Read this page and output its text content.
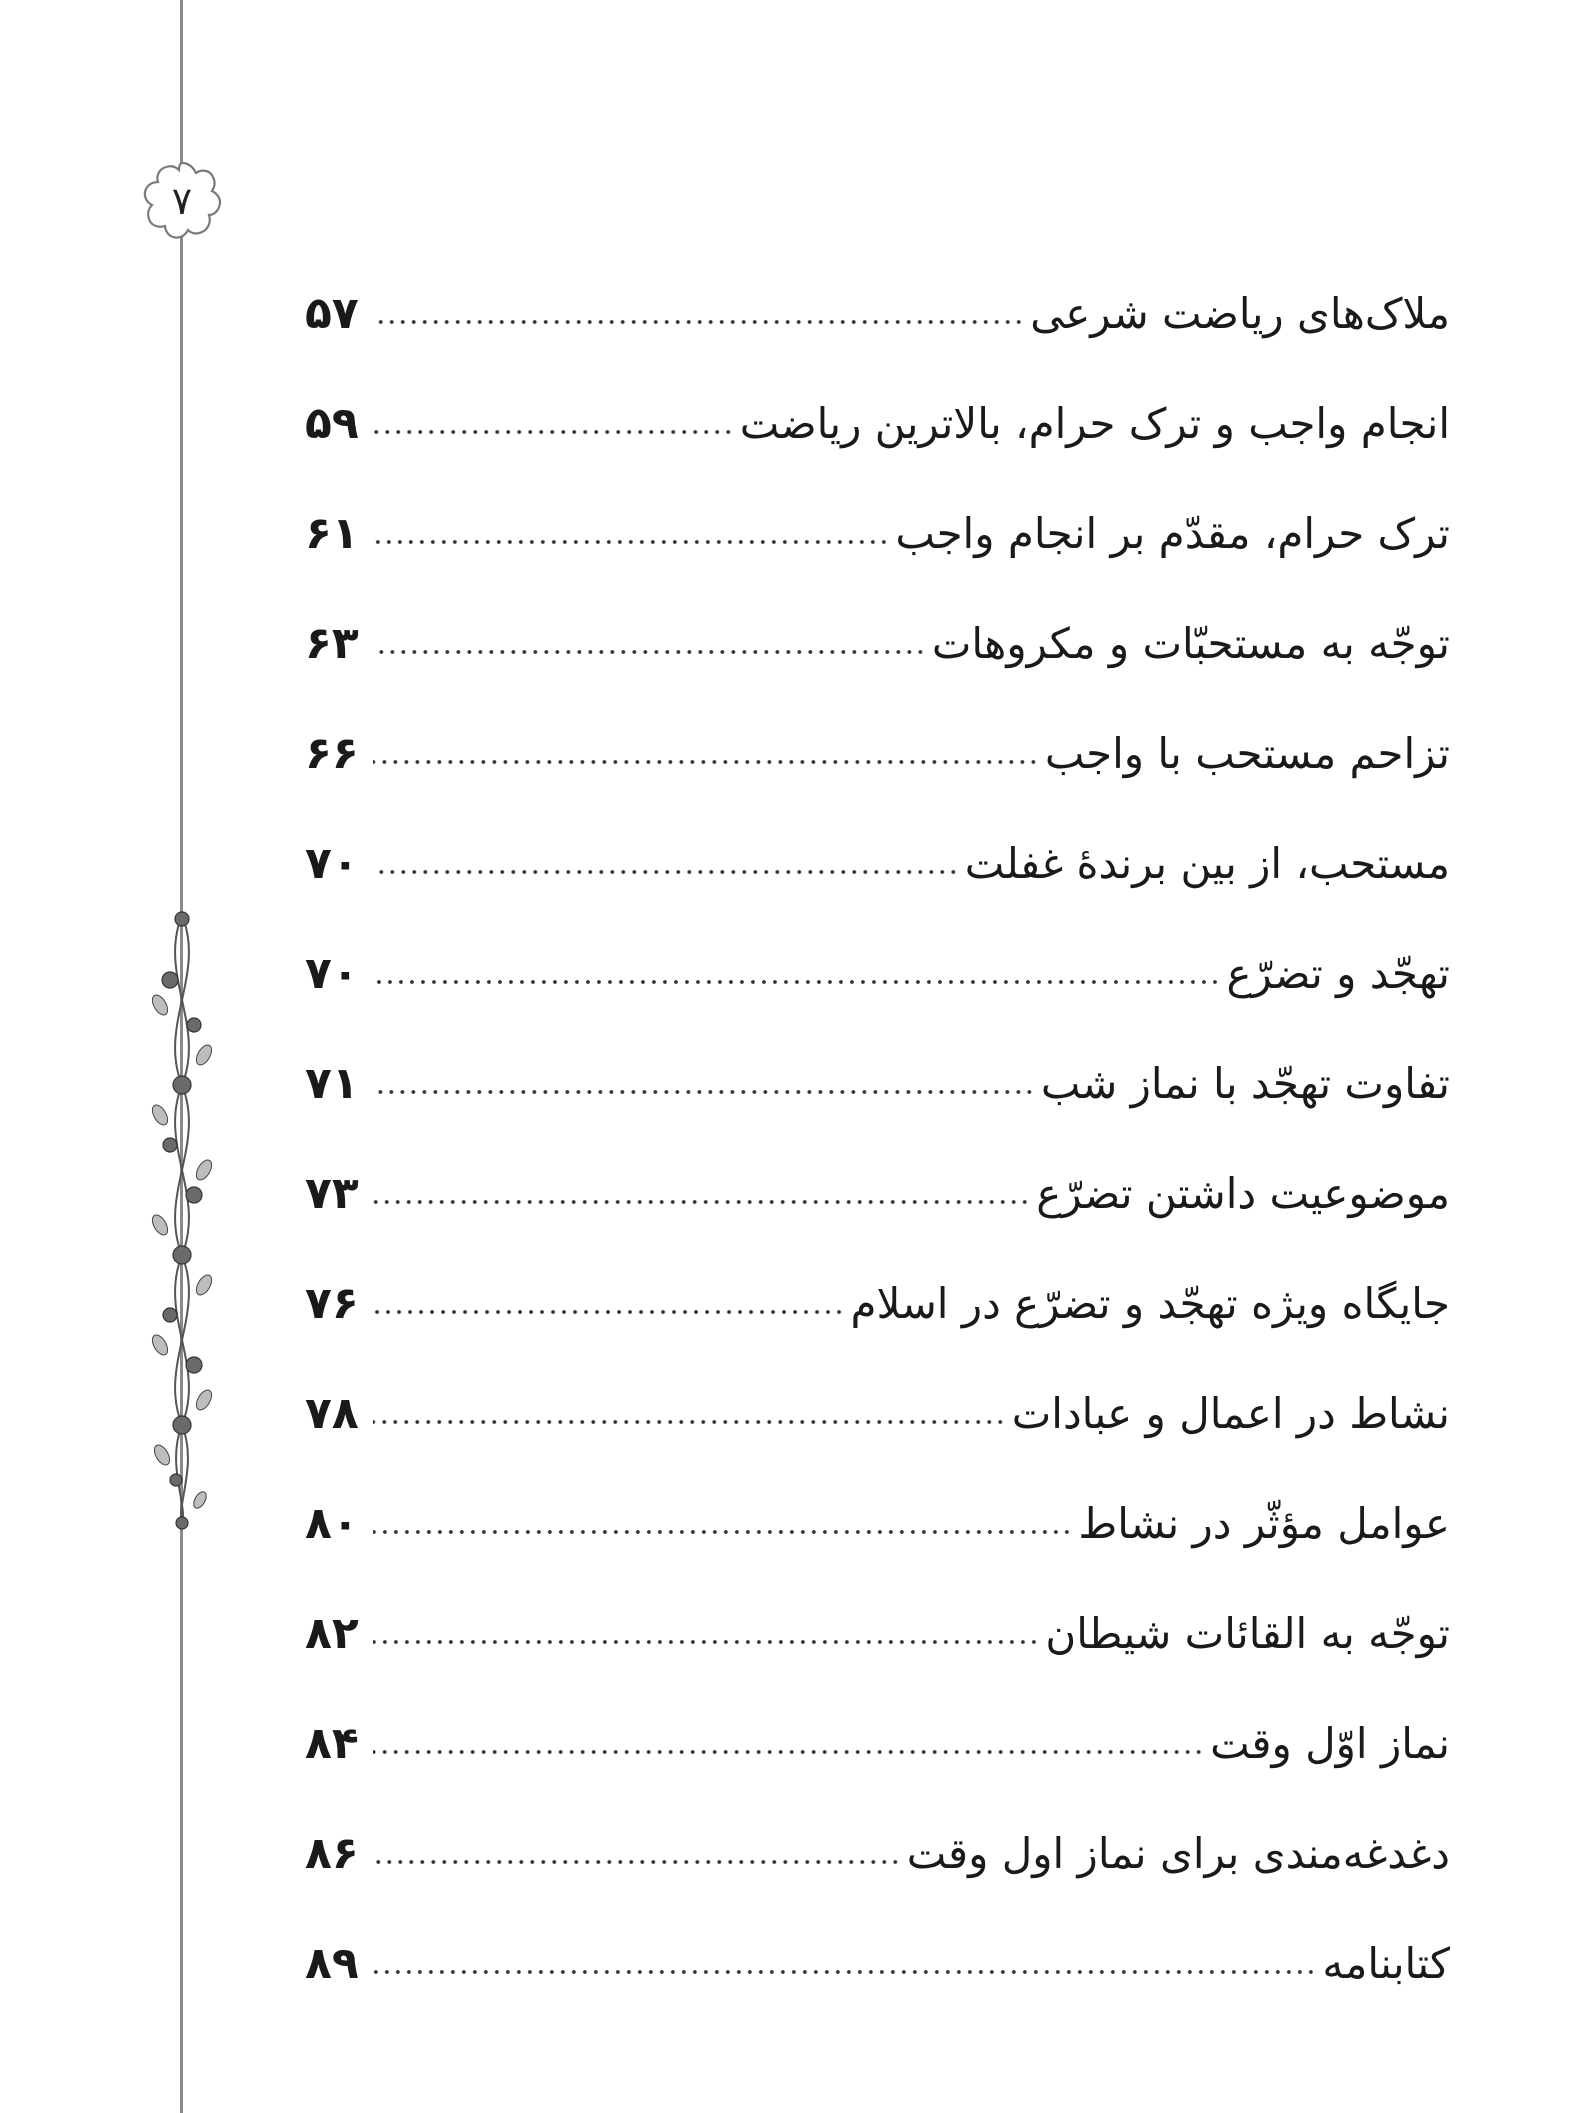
۷
ملاک‌های ریاضت شرعی
۵۷
انجام واجب و ترک حرام، بالاترین ریاضت
۵۹
ترک حرام، مقدّم بر انجام واجب
۶۱
توجّه به مستحبّات و مکروهات
۶۳
تزاحم مستحب با واجب
۶۶
مستحب، از بین برندۀ غفلت
۷۰
تهجّد و تضرّع
۷۰
تفاوت تهجّد با نماز شب
۷۱
موضوعیت داشتن تضرّع
۷۳
جایگاه ویژه تهجّد و تضرّع در اسلام
۷۶
نشاط در اعمال و عبادات
۷۸
عوامل مؤثّر در نشاط
۸۰
توجّه به القائات شیطان
۸۲
نماز اوّل وقت
۸۴
دغدغه‌مندی برای نماز اول وقت
۸۶
کتابنامه
۸۹
